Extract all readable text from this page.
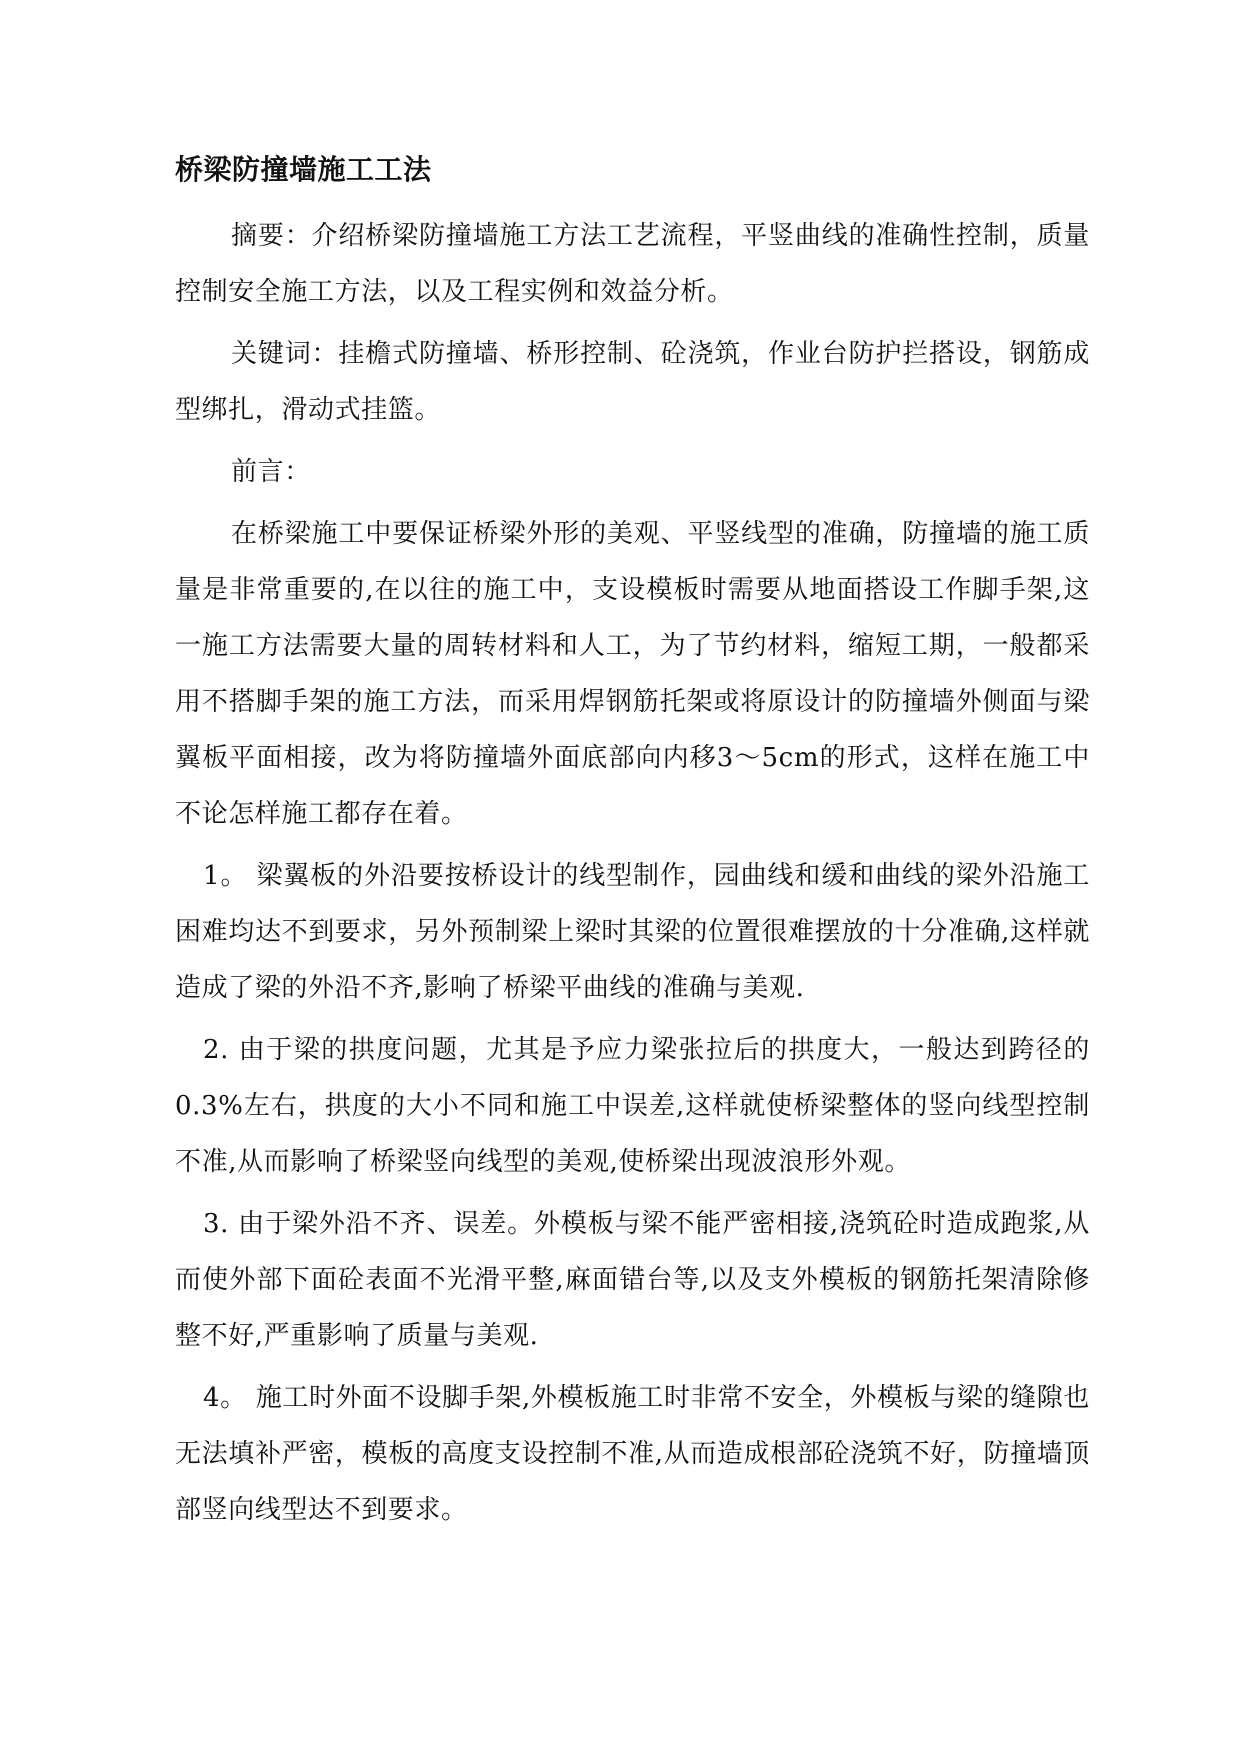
桥梁防撞墙施工工法

摘要：介绍桥梁防撞墙施工方法工艺流程，平竖曲线的准确性控制，质量控制安全施工方法，以及工程实例和效益分析。

关键词：挂檐式防撞墙、桥形控制、砼浇筑，作业台防护拦搭设，钢筋成型绑扎，滑动式挂篮。

前言：

在桥梁施工中要保证桥梁外形的美观、平竖线型的准确，防撞墙的施工质量是非常重要的,在以往的施工中，支设模板时需要从地面搭设工作脚手架,这一施工方法需要大量的周转材料和人工，为了节约材料，缩短工期，一般都采用不搭脚手架的施工方法，而采用焊钢筋托架或将原设计的防撞墙外侧面与梁翼板平面相接，改为将防撞墙外面底部向内移3～5cm的形式，这样在施工中不论怎样施工都存在着。

1。 梁翼板的外沿要按桥设计的线型制作，园曲线和缓和曲线的梁外沿施工困难均达不到要求，另外预制梁上梁时其梁的位置很难摆放的十分准确,这样就造成了梁的外沿不齐,影响了桥梁平曲线的准确与美观.

2. 由于梁的拱度问题，尤其是予应力梁张拉后的拱度大，一般达到跨径的0.3%左右，拱度的大小不同和施工中误差,这样就使桥梁整体的竖向线型控制不准,从而影响了桥梁竖向线型的美观,使桥梁出现波浪形外观。

3. 由于梁外沿不齐、误差。外模板与梁不能严密相接,浇筑砼时造成跑浆,从而使外部下面砼表面不光滑平整,麻面错台等,以及支外模板的钢筋托架清除修整不好,严重影响了质量与美观.

4。 施工时外面不设脚手架,外模板施工时非常不安全，外模板与梁的缝隙也无法填补严密，模板的高度支设控制不准,从而造成根部砼浇筑不好，防撞墙顶部竖向线型达不到要求。
